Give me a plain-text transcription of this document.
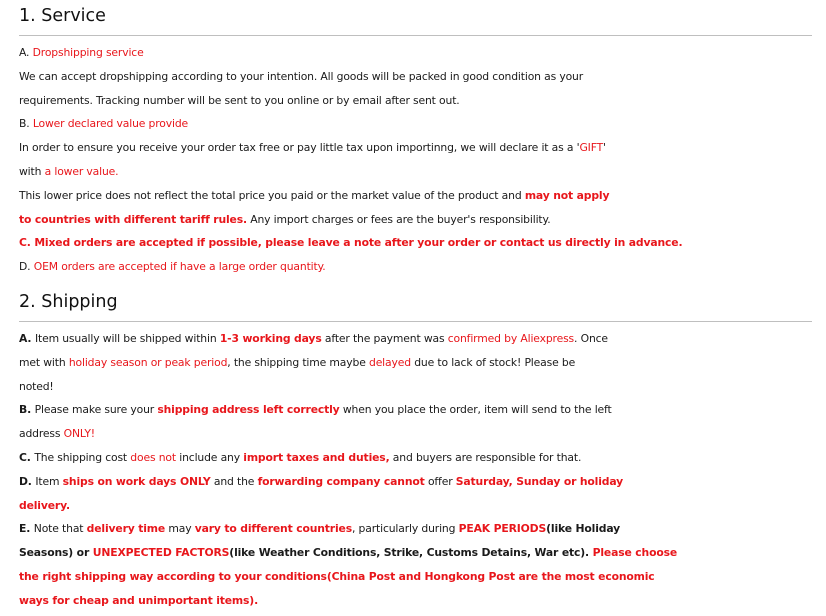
1. Service
A. Dropshipping service
We can accept dropshipping according to your intention. All goods will be packed in good condition as your
requirements. Tracking number will be sent to you online or by email after sent out.
B. Lower declared value provide
In order to ensure you receive your order tax free or pay little tax upon importinng, we will declare it as a 'GIFT'
with a lower value.
This lower price does not reflect the total price you paid or the market value of the product and may not apply
to countries with different tariff rules. Any import charges or fees are the buyer's responsibility.
C. Mixed orders are accepted if possible, please leave a note after your order or contact us directly in advance.
D. OEM orders are accepted if have a large order quantity.
2. Shipping
A. Item usually will be shipped within 1-3 working days after the payment was confirmed by Aliexpress. Once
met with holiday season or peak period, the shipping time maybe delayed due to lack of stock! Please be
noted!
B. Please make sure your shipping address left correctly when you place the order, item will send to the left
address ONLY!
C. The shipping cost does not include any import taxes and duties, and buyers are responsible for that.
D. Item ships on work days ONLY and the forwarding company cannot offer Saturday, Sunday or holiday
delivery.
E. Note that delivery time may vary to different countries, particularly during PEAK PERIODS(like Holiday
Seasons) or UNEXPECTED FACTORS(like Weather Conditions, Strike, Customs Detains, War etc). Please choose
the right shipping way according to your conditions(China Post and Hongkong Post are the most economic
ways for cheap and unimportant items).
